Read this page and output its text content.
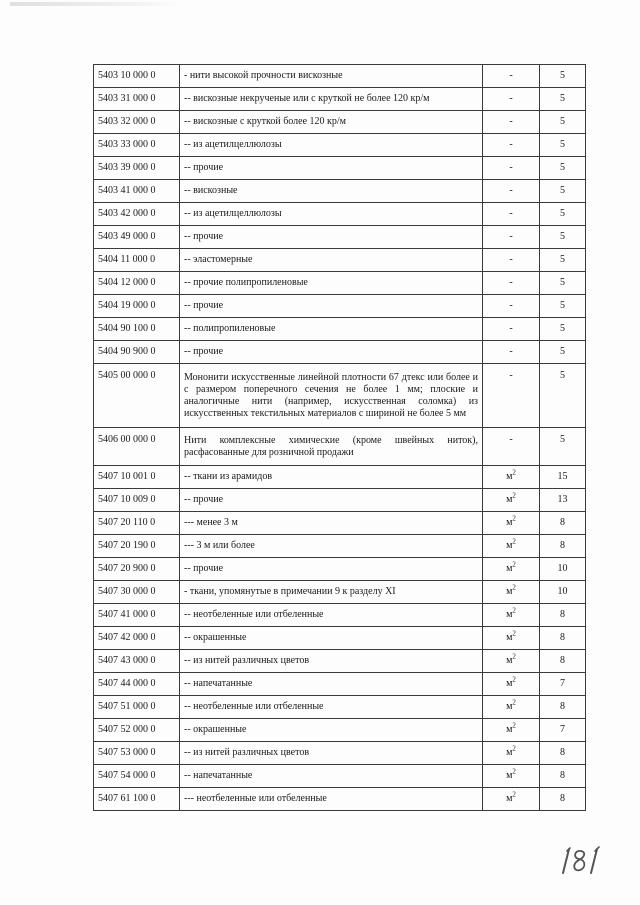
5403 10 000 0	- нити высокой прочности вискозные	-	5
5403 31 000 0	-- вискозные некрученые или с круткой не более 120 кр/м	-	5
5403 32 000 0	-- вискозные с круткой более 120 кр/м	-	5
5403 33 000 0	-- из ацетилцеллюлозы	-	5
5403 39 000 0	-- прочие	-	5
5403 41 000 0	-- вискозные	-	5
5403 42 000 0	-- из ацетилцеллюлозы	-	5
5403 49 000 0	-- прочие	-	5
5404 11 000 0	-- эластомерные	-	5
5404 12 000 0	-- прочие полипропиленовые	-	5
5404 19 000 0	-- прочие	-	5
5404 90 100 0	-- полипропиленовые	-	5
5404 90 900 0	-- прочие	-	5
5405 00 000 0	Мононити искусственные линейной плотности 67 дтекс или более и с размером поперечного сечения не более 1 мм; плоские и аналогичные нити (например, искусственная соломка) из искусственных текстильных материалов с шириной не более 5 мм	-	5
5406 00 000 0	Нити комплексные химические (кроме швейных ниток), расфасованные для розничной продажи	-	5
5407 10 001 0	-- ткани из арамидов	$м^2$	15
5407 10 009 0	-- прочие	$м^2$	13
5407 20 110 0	--- менее 3 м	$м^2$	8
5407 20 190 0	--- 3 м или более	$м^2$	8
5407 20 900 0	-- прочие	$м^2$	10
5407 30 000 0	- ткани, упомянутые в примечании 9 к разделу XI	$м^2$	10
5407 41 000 0	-- неотбеленные или отбеленные	$м^2$	8
5407 42 000 0	-- окрашенные	$м^2$	8
5407 43 000 0	-- из нитей различных цветов	$м^2$	8
5407 44 000 0	-- напечатанные	$м^2$	7
5407 51 000 0	-- неотбеленные или отбеленные	$м^2$	8
5407 52 000 0	-- окрашенные	$м^2$	7
5407 53 000 0	-- из нитей различных цветов	$м^2$	8
5407 54 000 0	-- напечатанные	$м^2$	8
5407 61 100 0	--- неотбеленные или отбеленные	$м^2$	8
